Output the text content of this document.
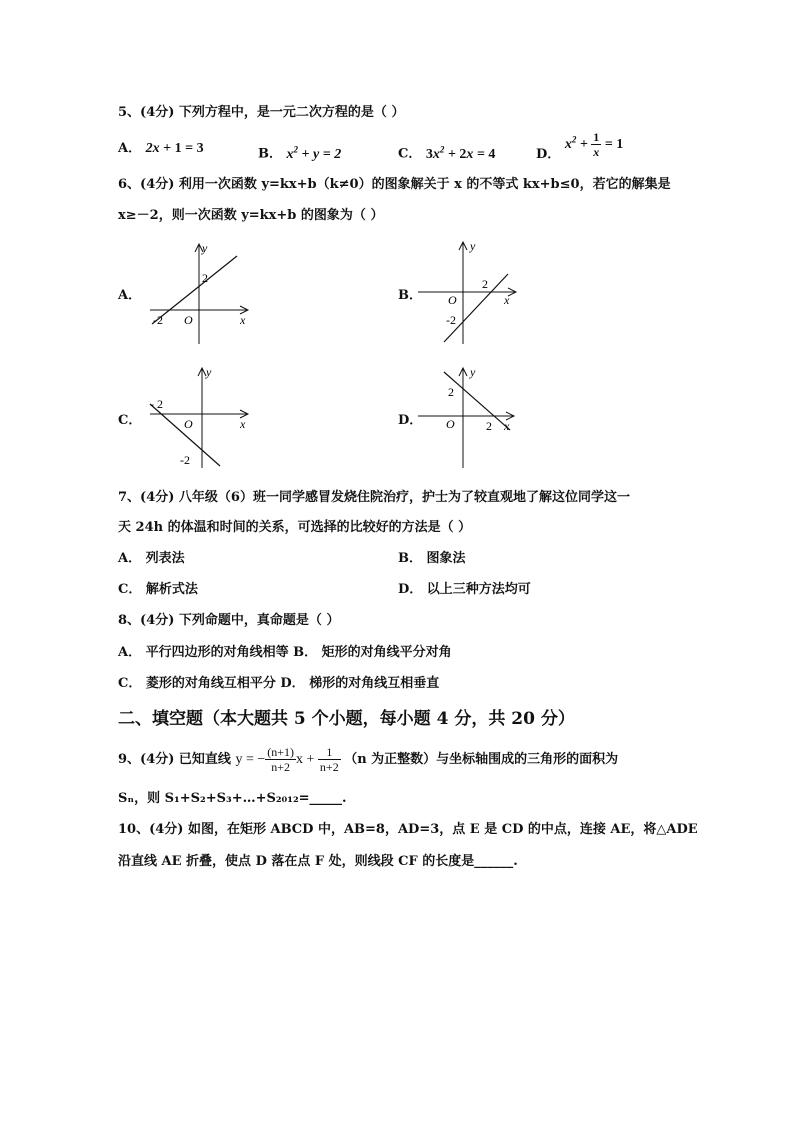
5、(4分) 下列方程中，是一元二次方程的是（ ）
A． 2x + 1 = 3	B． $x^2 + y = 2$	C． $3x^2 + 2x = 4$	D． $x^2 + \frac{1}{x} = 1$
6、(4分) 利用一次函数 y=kx+b（k≠0）的图象解关于 x 的不等式 kx+b≤0，若它的解集是
x≥－2，则一次函数 y=kx+b 的图象为（ ）
A．
y
x
O
2
-2
B．
y
x
O
2
-2
C．
y
x
O
- 2
-2
D．
y
x
O
2
2
7、(4分) 八年级（6）班一同学感冒发烧住院治疗，护士为了较直观地了解这位同学这一
天 24h 的体温和时间的关系，可选择的比较好的方法是（ ）
A． 列表法	B． 图象法
C． 解析式法	D． 以上三种方法均可
8、(4分) 下列命题中，真命题是（ ）
A． 平行四边形的对角线相等 B． 矩形的对角线平分对角
C． 菱形的对角线互相平分 D． 梯形的对角线互相垂直
二、填空题（本大题共 5 个小题，每小题 4 分，共 20 分）
9、(4分) 已知直线 y = − $\frac{(n+1)}{n+2}$ $x + \frac{1}{n+2} (n$ 为正整数）与坐标轴围成的三角形的面积为
Sₙ，则 S₁+S₂+S₃+…+S₂₀₁₂=_____.
10、(4分) 如图，在矩形 ABCD 中，AB=8，AD=3，点 E 是 CD 的中点，连接 AE，将△ADE
沿直线 AE 折叠，使点 D 落在点 F 处，则线段 CF 的长度是______.
